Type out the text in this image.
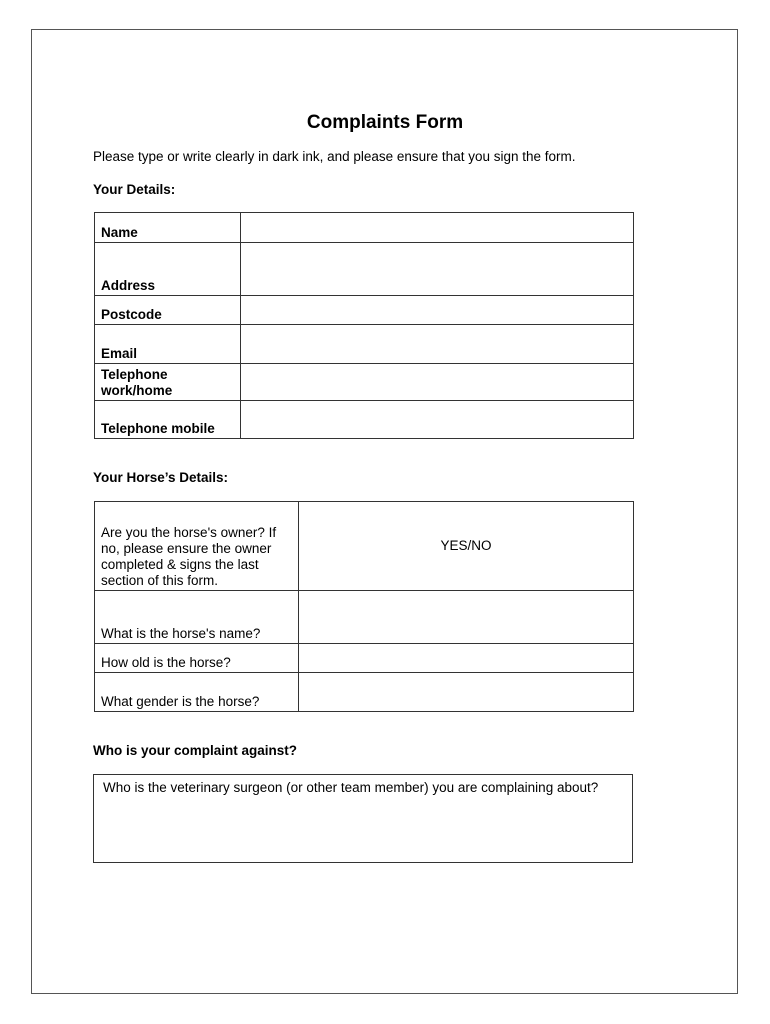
Complaints Form
Please type or write clearly in dark ink, and please ensure that you sign the form.
Your Details:
Name	
Address	
Postcode	
Email	
Telephone work/home	
Telephone mobile	
Your Horse’s Details:
Are you the horse's owner? If no, please ensure the owner completed & signs the last section of this form.	YES/NO
What is the horse's name?	
How old is the horse?	
What gender is the horse?	
Who is your complaint against?
Who is the veterinary surgeon (or other team member) you are complaining about?
